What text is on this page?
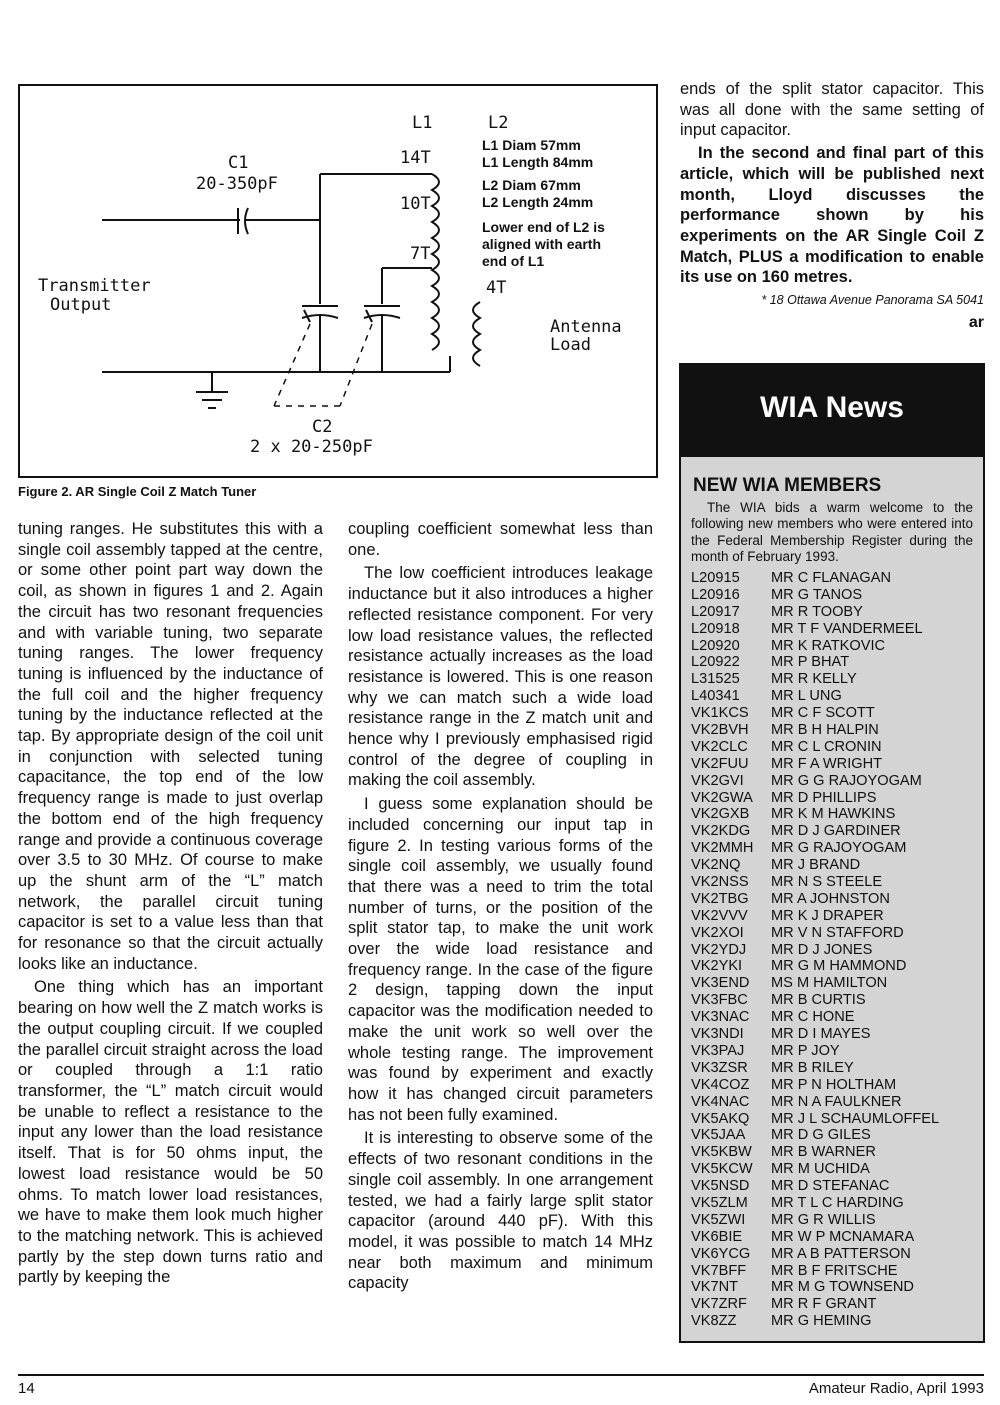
L1	L2
C1
20-350pF
14T
10T
7T
4T
Transmitter
Output
Antenna
Load
C2
2 x 20-250pF
L1 Diam 57mm
L1 Length 84mm
L2 Diam 67mm
L2 Length 24mm
Lower end of L2 is
aligned with earth
end of L1
Figure 2. AR Single Coil Z Match Tuner

tuning ranges. He substitutes this with a single coil assembly tapped at the centre, or some other point part way down the coil, as shown in figures 1 and 2. Again the circuit has two resonant frequencies and with variable tuning, two separate tuning ranges. The lower frequency tuning is influenced by the inductance of the full coil and the higher frequency tuning by the inductance reflected at the tap. By appropriate design of the coil unit in conjunction with selected tuning capacitance, the top end of the low frequency range is made to just overlap the bottom end of the high frequency range and provide a continuous coverage over 3.5 to 30 MHz. Of course to make up the shunt arm of the “L” match network, the parallel circuit tuning capacitor is set to a value less than that for resonance so that the circuit actually looks like an inductance.

One thing which has an important bearing on how well the Z match works is the output coupling circuit. If we coupled the parallel circuit straight across the load or coupled through a 1:1 ratio transformer, the “L” match circuit would be unable to reflect a resistance to the input any lower than the load resistance itself. That is for 50 ohms input, the lowest load resistance would be 50 ohms. To match lower load resistances, we have to make them look much higher to the matching network. This is achieved partly by the step down turns ratio and partly by keeping the

coupling coefficient somewhat less than one.

The low coefficient introduces leakage inductance but it also introduces a higher reflected resistance component. For very low load resistance values, the reflected resistance actually increases as the load resistance is lowered. This is one reason why we can match such a wide load resistance range in the Z match unit and hence why I previously emphasised rigid control of the degree of coupling in making the coil assembly.

I guess some explanation should be included concerning our input tap in figure 2. In testing various forms of the single coil assembly, we usually found that there was a need to trim the total number of turns, or the position of the split stator tap, to make the unit work over the wide load resistance and frequency range. In the case of the figure 2 design, tapping down the input capacitor was the modification needed to make the unit work so well over the whole testing range. The improvement was found by experiment and exactly how it has changed circuit parameters has not been fully examined.

It is interesting to observe some of the effects of two resonant conditions in the single coil assembly. In one arrangement tested, we had a fairly large split stator capacitor (around 440 pF). With this model, it was possible to match 14 MHz near both maximum and minimum capacity

ends of the split stator capacitor. This was all done with the same setting of input capacitor.

In the second and final part of this article, which will be published next month, Lloyd discusses the performance shown by his experiments on the AR Single Coil Z Match, PLUS a modification to enable its use on 160 metres.

* 18 Ottawa Avenue Panorama SA 5041
ar
WIA News
NEW WIA MEMBERS

The WIA bids a warm welcome to the following new members who were entered into the Federal Membership Register during the month of February 1993.

L20915 MR C FLANAGAN
L20916 MR G TANOS
L20917 MR R TOOBY
L20918 MR T F VANDERMEEL
L20920 MR K RATKOVIC
L20922 MR P BHAT
L31525 MR R KELLY
L40341 MR L UNG
VK1KCS MR C F SCOTT
VK2BVH MR B H HALPIN
VK2CLC MR C L CRONIN
VK2FUU MR F A WRIGHT
VK2GVI MR G G RAJOYOGAM
VK2GWA MR D PHILLIPS
VK2GXB MR K M HAWKINS
VK2KDG MR D J GARDINER
VK2MMH MR G RAJOYOGAM
VK2NQ MR J BRAND
VK2NSS MR N S STEELE
VK2TBG MR A JOHNSTON
VK2VVV MR K J DRAPER
VK2XOI MR V N STAFFORD
VK2YDJ MR D J JONES
VK2YKI MR G M HAMMOND
VK3END MS M HAMILTON
VK3FBC MR B CURTIS
VK3NAC MR C HONE
VK3NDI MR D I MAYES
VK3PAJ MR P JOY
VK3ZSR MR B RILEY
VK4COZ MR P N HOLTHAM
VK4NAC MR N A FAULKNER
VK5AKQ MR J L SCHAUMLOFFEL
VK5JAA MR D G GILES
VK5KBW MR B WARNER
VK5KCW MR M UCHIDA
VK5NSD MR D STEFANAC
VK5ZLM MR T L C HARDING
VK5ZWI MR G R WILLIS
VK6BIE MR W P MCNAMARA
VK6YCG MR A B PATTERSON
VK7BFF MR B F FRITSCHE
VK7NT MR M G TOWNSEND
VK7ZRF MR R F GRANT
VK8ZZ MR G HEMING
14	Amateur Radio, April 1993
